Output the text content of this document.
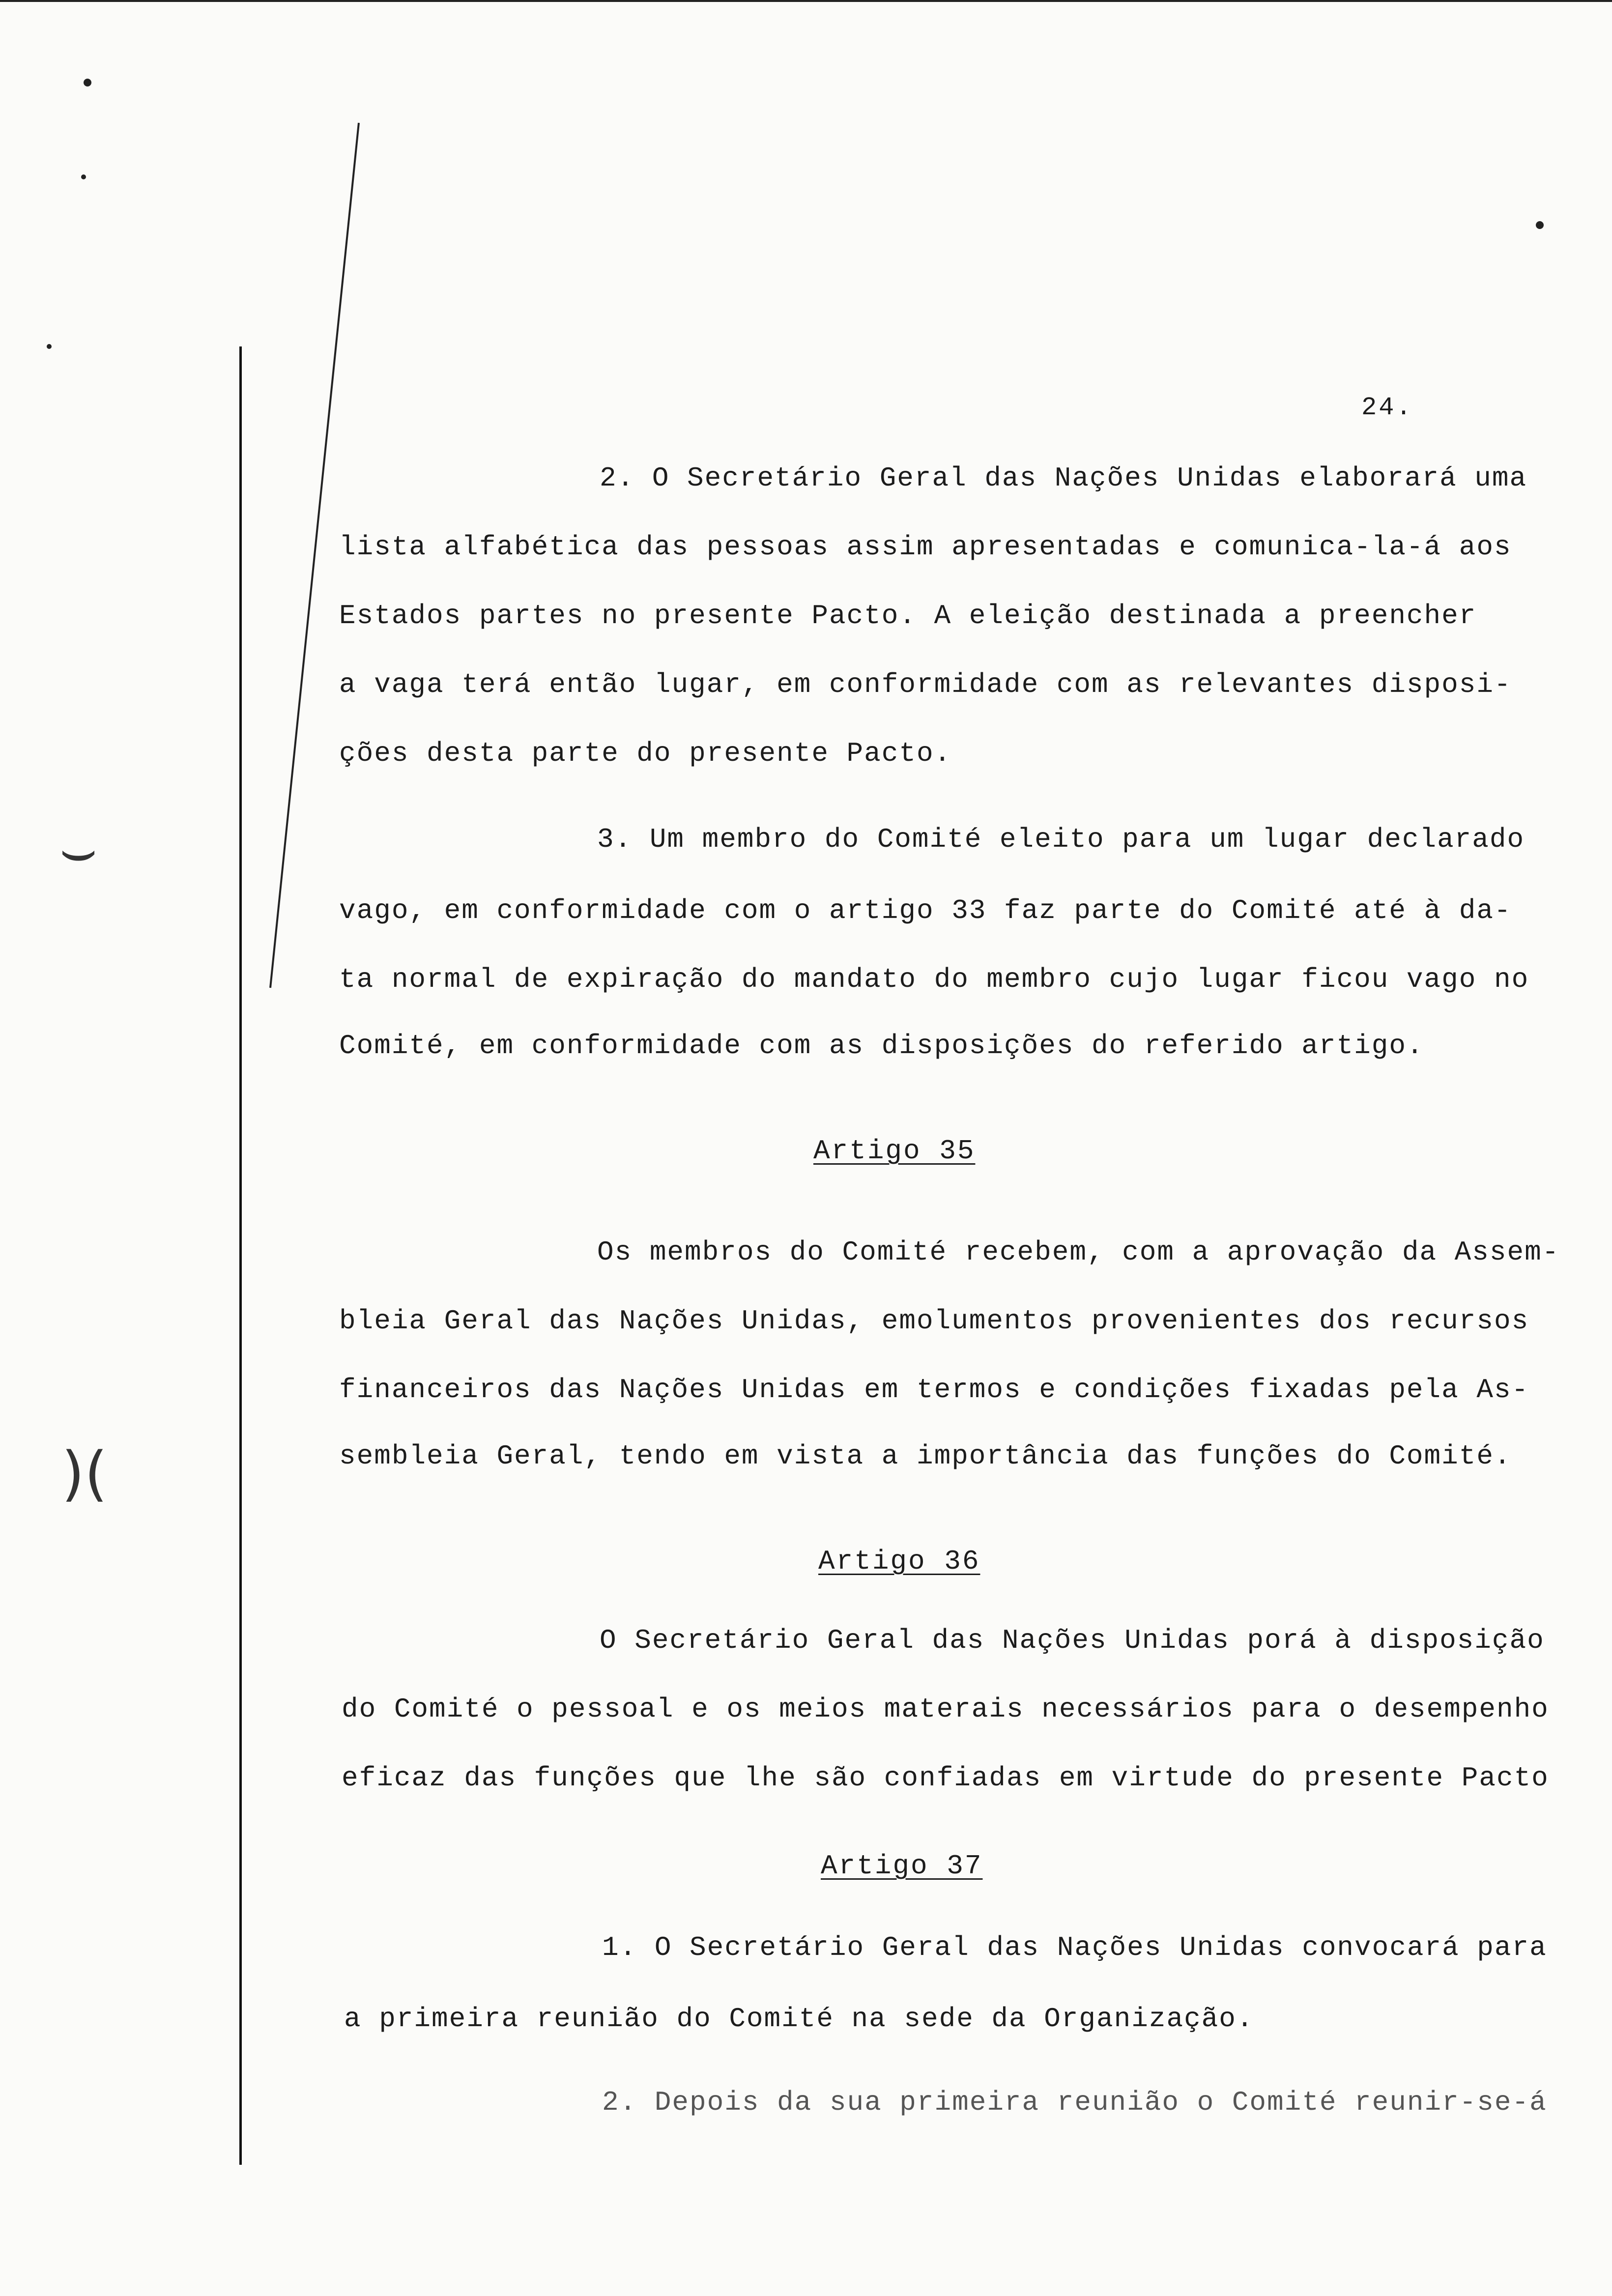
⌣
)(
24.
2. O Secretário Geral das Nações Unidas elaborará uma
lista alfabética das pessoas assim apresentadas e comunica-la-á aos
Estados partes no presente Pacto. A eleição destinada a preencher
a vaga terá então lugar, em conformidade com as relevantes disposi-
ções desta parte do presente Pacto.
3. Um membro do Comité eleito para um lugar declarado
vago, em conformidade com o artigo 33 faz parte do Comité até à da-
ta normal de expiração do mandato do membro cujo lugar ficou vago no
Comité, em conformidade com as disposições do referido artigo.
Artigo 35
Os membros do Comité recebem, com a aprovação da Assem-
bleia Geral das Nações Unidas, emolumentos provenientes dos recursos
financeiros das Nações Unidas em termos e condições fixadas pela As-
sembleia Geral, tendo em vista a importância das funções do Comité.
Artigo 36
O Secretário Geral das Nações Unidas porá à disposição
do Comité o pessoal e os meios materais necessários para o desempenho
eficaz das funções que lhe são confiadas em virtude do presente Pacto
Artigo 37
1. O Secretário Geral das Nações Unidas convocará para
a primeira reunião do Comité na sede da Organização.
2. Depois da sua primeira reunião o Comité reunir-se-á
